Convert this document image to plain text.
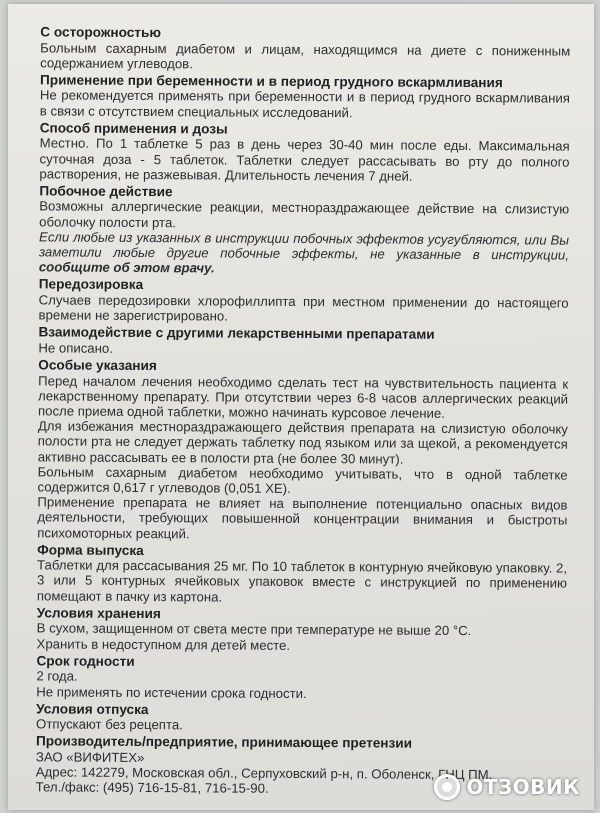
С осторожностью

Больным сахарным диабетом и лицам, находящимся на диете с пониженным содержанием углеводов.

Применение при беременности и в период грудного вскармливания

Не рекомендуется применять при беременности и в период грудного вскармливания в связи с отсутствием специальных исследований.

Способ применения и дозы

Местно. По 1 таблетке 5 раз в день через 30-40 мин после еды. Максимальная суточная доза - 5 таблеток. Таблетки следует рассасывать во рту до полного растворения, не разжевывая. Длительность лечения 7 дней.

Побочное действие

Возможны аллергические реакции, местнораздражающее действие на слизистую оболочку полости рта.

Если любые из указанных в инструкции побочных эффектов усугубляются, или Вы заметили любые другие побочные эффекты, не указанные в инструкции, сообщите об этом врачу.

Передозировка

Случаев передозировки хлорофиллипта при местном применении до настоящего времени не зарегистрировано.

Взаимодействие с другими лекарственными препаратами

Не описано.

Особые указания

Перед началом лечения необходимо сделать тест на чувствительность пациента к лекарственному препарату. При отсутствии через 6-8 часов аллергических реакций после приема одной таблетки, можно начинать курсовое лечение.

Для избежания местнораздражающего действия препарата на слизистую оболочку полости рта не следует держать таблетку под языком или за щекой, а рекомендуется активно рассасывать ее в полости рта (не более 30 минут).

Больным сахарным диабетом необходимо учитывать, что в одной таблетке содержится 0,617 г углеводов (0,051 ХЕ).

Применение препарата не влияет на выполнение потенциально опасных видов деятельности, требующих повышенной концентрации внимания и быстроты психомоторных реакций.

Форма выпуска

Таблетки для рассасывания 25 мг. По 10 таблеток в контурную ячейковую упаковку. 2, 3 или 5 контурных ячейковых упаковок вместе с инструкцией по применению помещают в пачку из картона.

Условия хранения

В сухом, защищенном от света месте при температуре не выше 20 °С.

Хранить в недоступном для детей месте.

Срок годности

2 года.

Не применять по истечении срока годности.

Условия отпуска

Отпускают без рецепта.

Производитель/предприятие, принимающее претензии

ЗАО «ВИФИТЕХ»

Адрес: 142279, Московская обл., Серпуховский р-н, п. Оболенск, ГНЦ ПМ.

Тел./факс: (495) 716-15-81, 716-15-90.	ОТЗОВИК
